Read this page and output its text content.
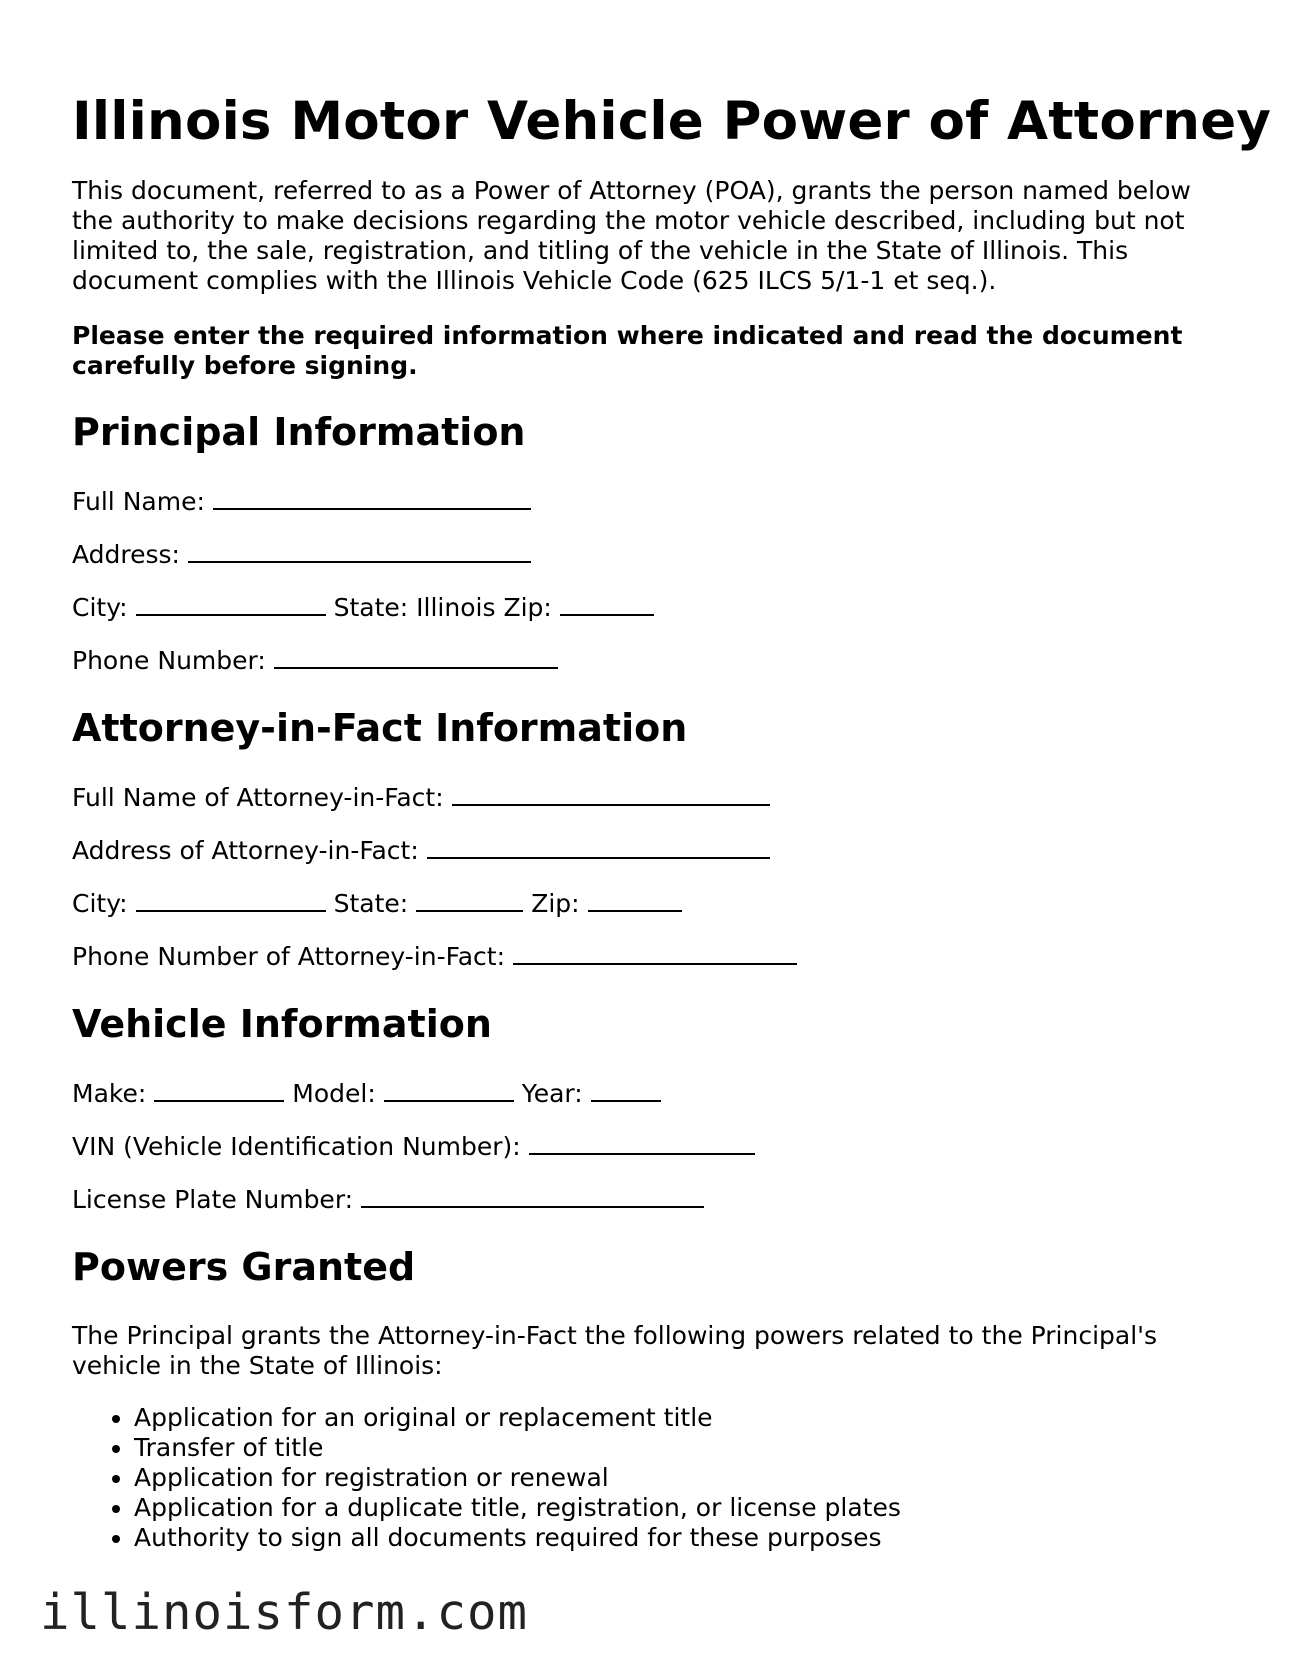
Illinois Motor Vehicle Power of Attorney

This document, referred to as a Power of Attorney (POA), grants the person named below the authority to make decisions regarding the motor vehicle described, including but not limited to, the sale, registration, and titling of the vehicle in the State of Illinois. This document complies with the Illinois Vehicle Code (625 ILCS 5/1-1 et seq.).

Please enter the required information where indicated and read the document carefully before signing.

Principal Information

Full Name:

Address:

City:	State: Illinois Zip:

Phone Number:

Attorney-in-Fact Information

Full Name of Attorney-in-Fact:

Address of Attorney-in-Fact:

City:	State:	Zip:

Phone Number of Attorney-in-Fact:

Vehicle Information

Make:	Model:	Year:

VIN (Vehicle Identification Number):

License Plate Number:

Powers Granted

The Principal grants the Attorney-in-Fact the following powers related to the Principal's vehicle in the State of Illinois:

• Application for an original or replacement title
• Transfer of title
• Application for registration or renewal
• Application for a duplicate title, registration, or license plates
• Authority to sign all documents required for these purposes
illinoisform.com
